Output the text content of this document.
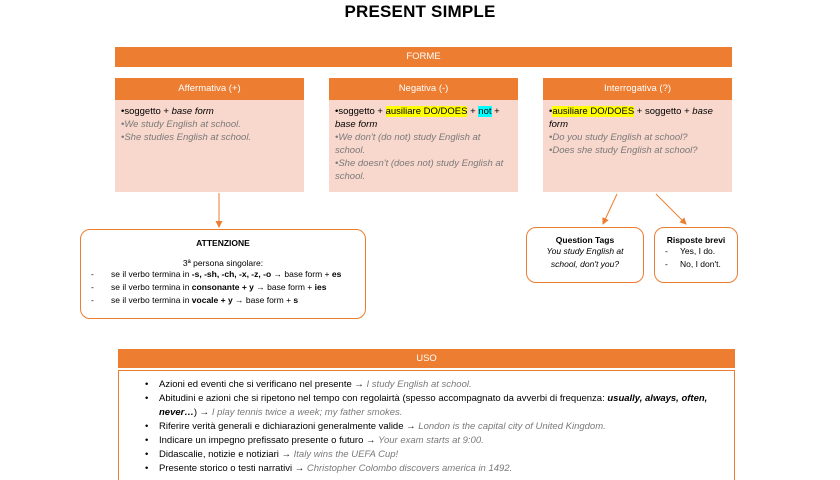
PRESENT SIMPLE
FORME
Affermativa (+)
•soggetto + base form
•We study English at school.
•She studies English at school.
Negativa (-)
•soggetto + ausiliare DO/DOES + not +
base form
•We don't (do not) study English at school.
•She doesn't (does not) study English at school.
Interrogativa (?)
•ausiliare DO/DOES + soggetto + base form
•Do you study English at school?
•Does she study English at school?
ATTENZIONE
3ª persona singolare:
- se il verbo termina in -s, -sh, -ch, -x, -z, -o → base form + es
- se il verbo termina in consonante + y → base form + ies
- se il verbo termina in vocale + y → base form + s
Question Tags
You study English at
school, don't you?
Risposte brevi
- Yes, I do.
- No, I don't.
USO
• Azioni ed eventi che si verificano nel presente → I study English at school.
• Abitudini e azioni che si ripetono nel tempo con regolairtà (spesso accompagnato da avverbi di frequenza: usually, always, often, never…) → I play tennis twice a week; my father smokes.
• Riferire verità generali e dichiarazioni generalmente valide → London is the capital city of United Kingdom.
• Indicare un impegno prefissato presente o futuro → Your exam starts at 9:00.
• Didascalie, notizie e notiziari → Italy wins the UEFA Cup!
• Presente storico o testi narrativi → Christopher Colombo discovers america in 1492.
